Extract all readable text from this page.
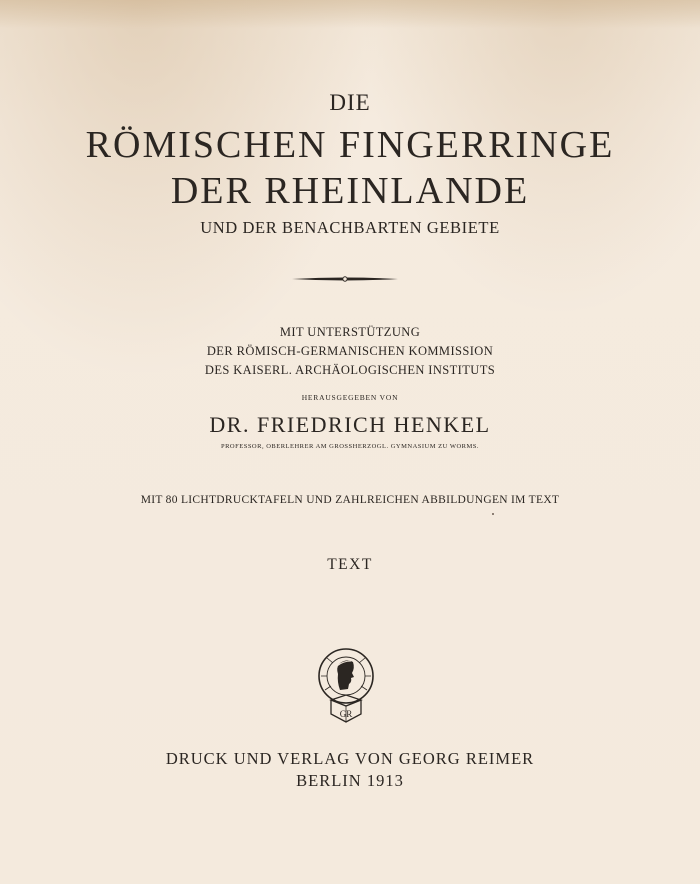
DIE
RÖMISCHEN FINGERRINGE
DER RHEINLANDE
UND DER BENACHBARTEN GEBIETE
MIT UNTERSTÜTZUNG
DER RÖMISCH-GERMANISCHEN KOMMISSION
DES KAISERL. ARCHÄOLOGISCHEN INSTITUTS
HERAUSGEGEBEN VON
DR. FRIEDRICH HENKEL
PROFESSOR, OBERLEHRER AM GROSSHERZOGL. GYMNASIUM ZU WORMS.
MIT 80 LICHTDRUCKTAFELN UND ZAHLREICHEN ABBILDUNGEN IM TEXT
TEXT
GR
DRUCK UND VERLAG VON GEORG REIMER
BERLIN 1913
